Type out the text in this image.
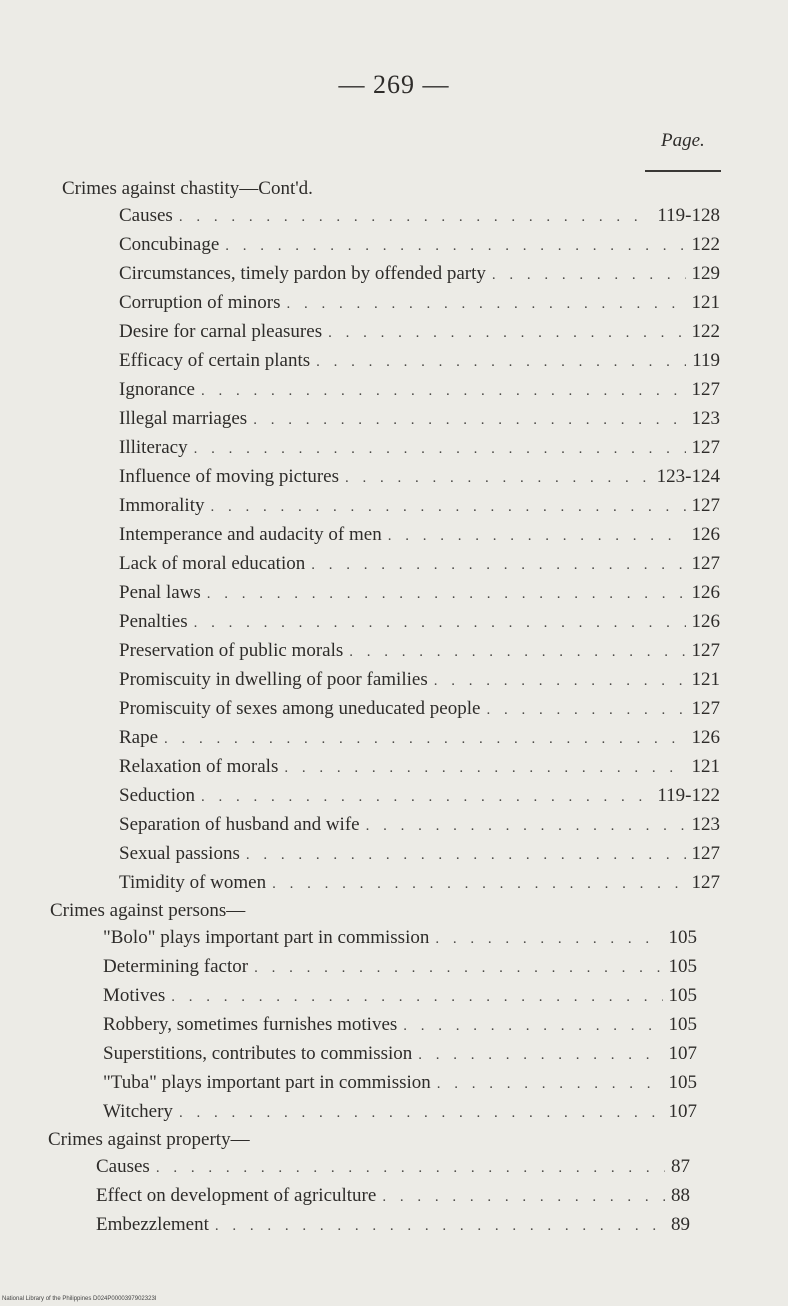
— 269 —
Page.
Crimes against chastity—Cont'd.
Causes . . .	119-128
Concubinage . . .	122
Circumstances, timely pardon by offended party . . .	129
Corruption of minors . . .	121
Desire for carnal pleasures . . .	122
Efficacy of certain plants . . .	119
Ignorance . . .	127
Illegal marriages . . .	123
Illiteracy . . .	127
Influence of moving pictures . . .	123-124
Immorality . . .	127
Intemperance and audacity of men . . .	126
Lack of moral education . . .	127
Penal laws . . .	126
Penalties . . .	126
Preservation of public morals . . .	127
Promiscuity in dwelling of poor families . . .	121
Promiscuity of sexes among uneducated people . . .	127
Rape . . .	126
Relaxation of morals . . .	121
Seduction . . .	119-122
Separation of husband and wife . . .	123
Sexual passions . . .	127
Timidity of women . . .	127
Crimes against persons—
"Bolo" plays important part in commission . . .	105
Determining factor . . .	105
Motives . . .	105
Robbery, sometimes furnishes motives . . .	105
Superstitions, contributes to commission . . .	107
"Tuba" plays important part in commission . . .	105
Witchery . . .	107
Crimes against property—
Causes . . .	87
Effect on development of agriculture . . .	88
Embezzlement . . .	89
National Library of the Philippines D024P0000397902323I
